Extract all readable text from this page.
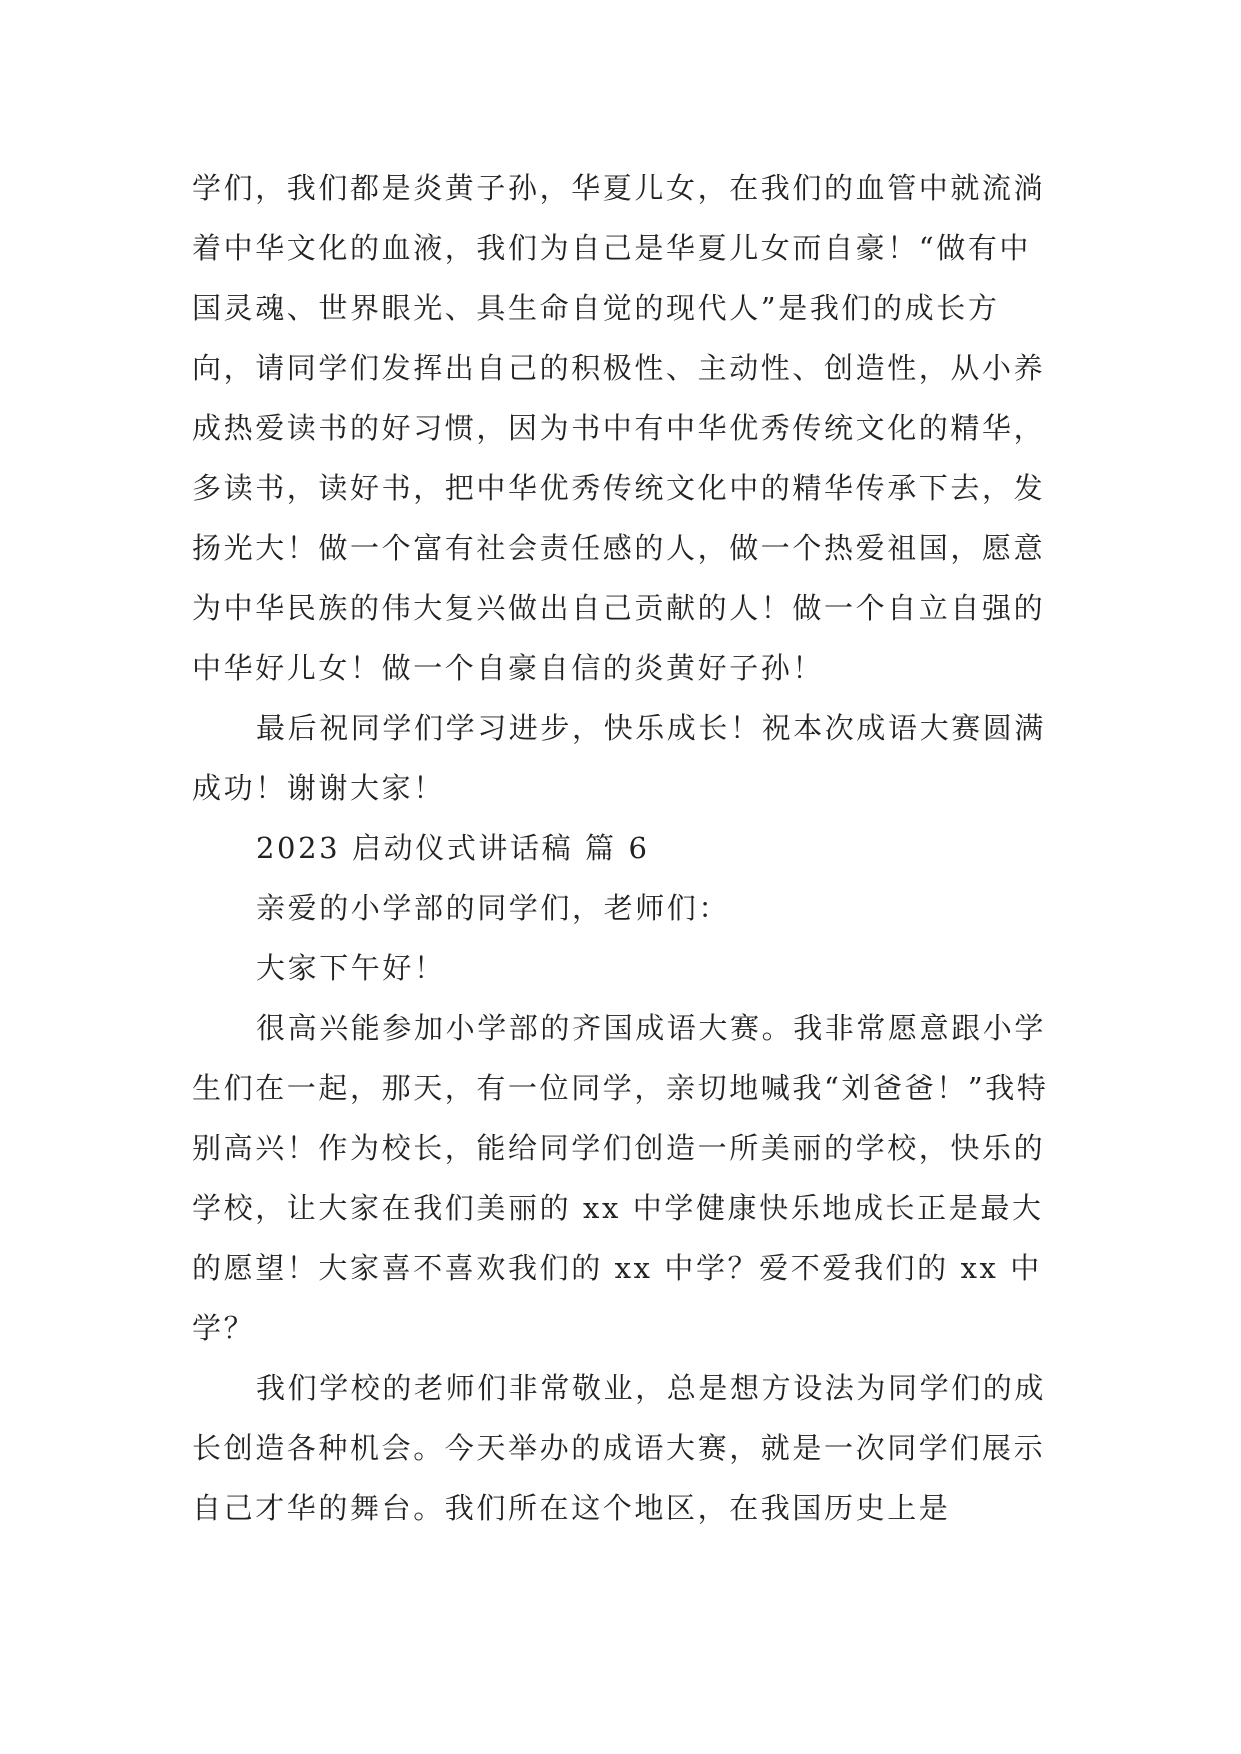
学们，我们都是炎黄子孙，华夏儿女，在我们的血管中就流淌着中华文化的血液，我们为自己是华夏儿女而自豪！“做有中国灵魂、世界眼光、具生命自觉的现代人”是我们的成长方向，请同学们发挥出自己的积极性、主动性、创造性，从小养成热爱读书的好习惯，因为书中有中华优秀传统文化的精华，多读书，读好书，把中华优秀传统文化中的精华传承下去，发扬光大！做一个富有社会责任感的人，做一个热爱祖国，愿意为中华民族的伟大复兴做出自己贡献的人！做一个自立自强的中华好儿女！做一个自豪自信的炎黄好子孙！

最后祝同学们学习进步，快乐成长！祝本次成语大赛圆满成功！谢谢大家！

2023 启动仪式讲话稿 篇 6

亲爱的小学部的同学们，老师们：

大家下午好！

很高兴能参加小学部的齐国成语大赛。我非常愿意跟小学生们在一起，那天，有一位同学，亲切地喊我“刘爸爸！”我特别高兴！作为校长，能给同学们创造一所美丽的学校，快乐的学校，让大家在我们美丽的 xx 中学健康快乐地成长正是最大的愿望！大家喜不喜欢我们的 xx 中学？爱不爱我们的 xx 中学？

我们学校的老师们非常敬业，总是想方设法为同学们的成长创造各种机会。今天举办的成语大赛，就是一次同学们展示自己才华的舞台。我们所在这个地区，在我国历史上是
